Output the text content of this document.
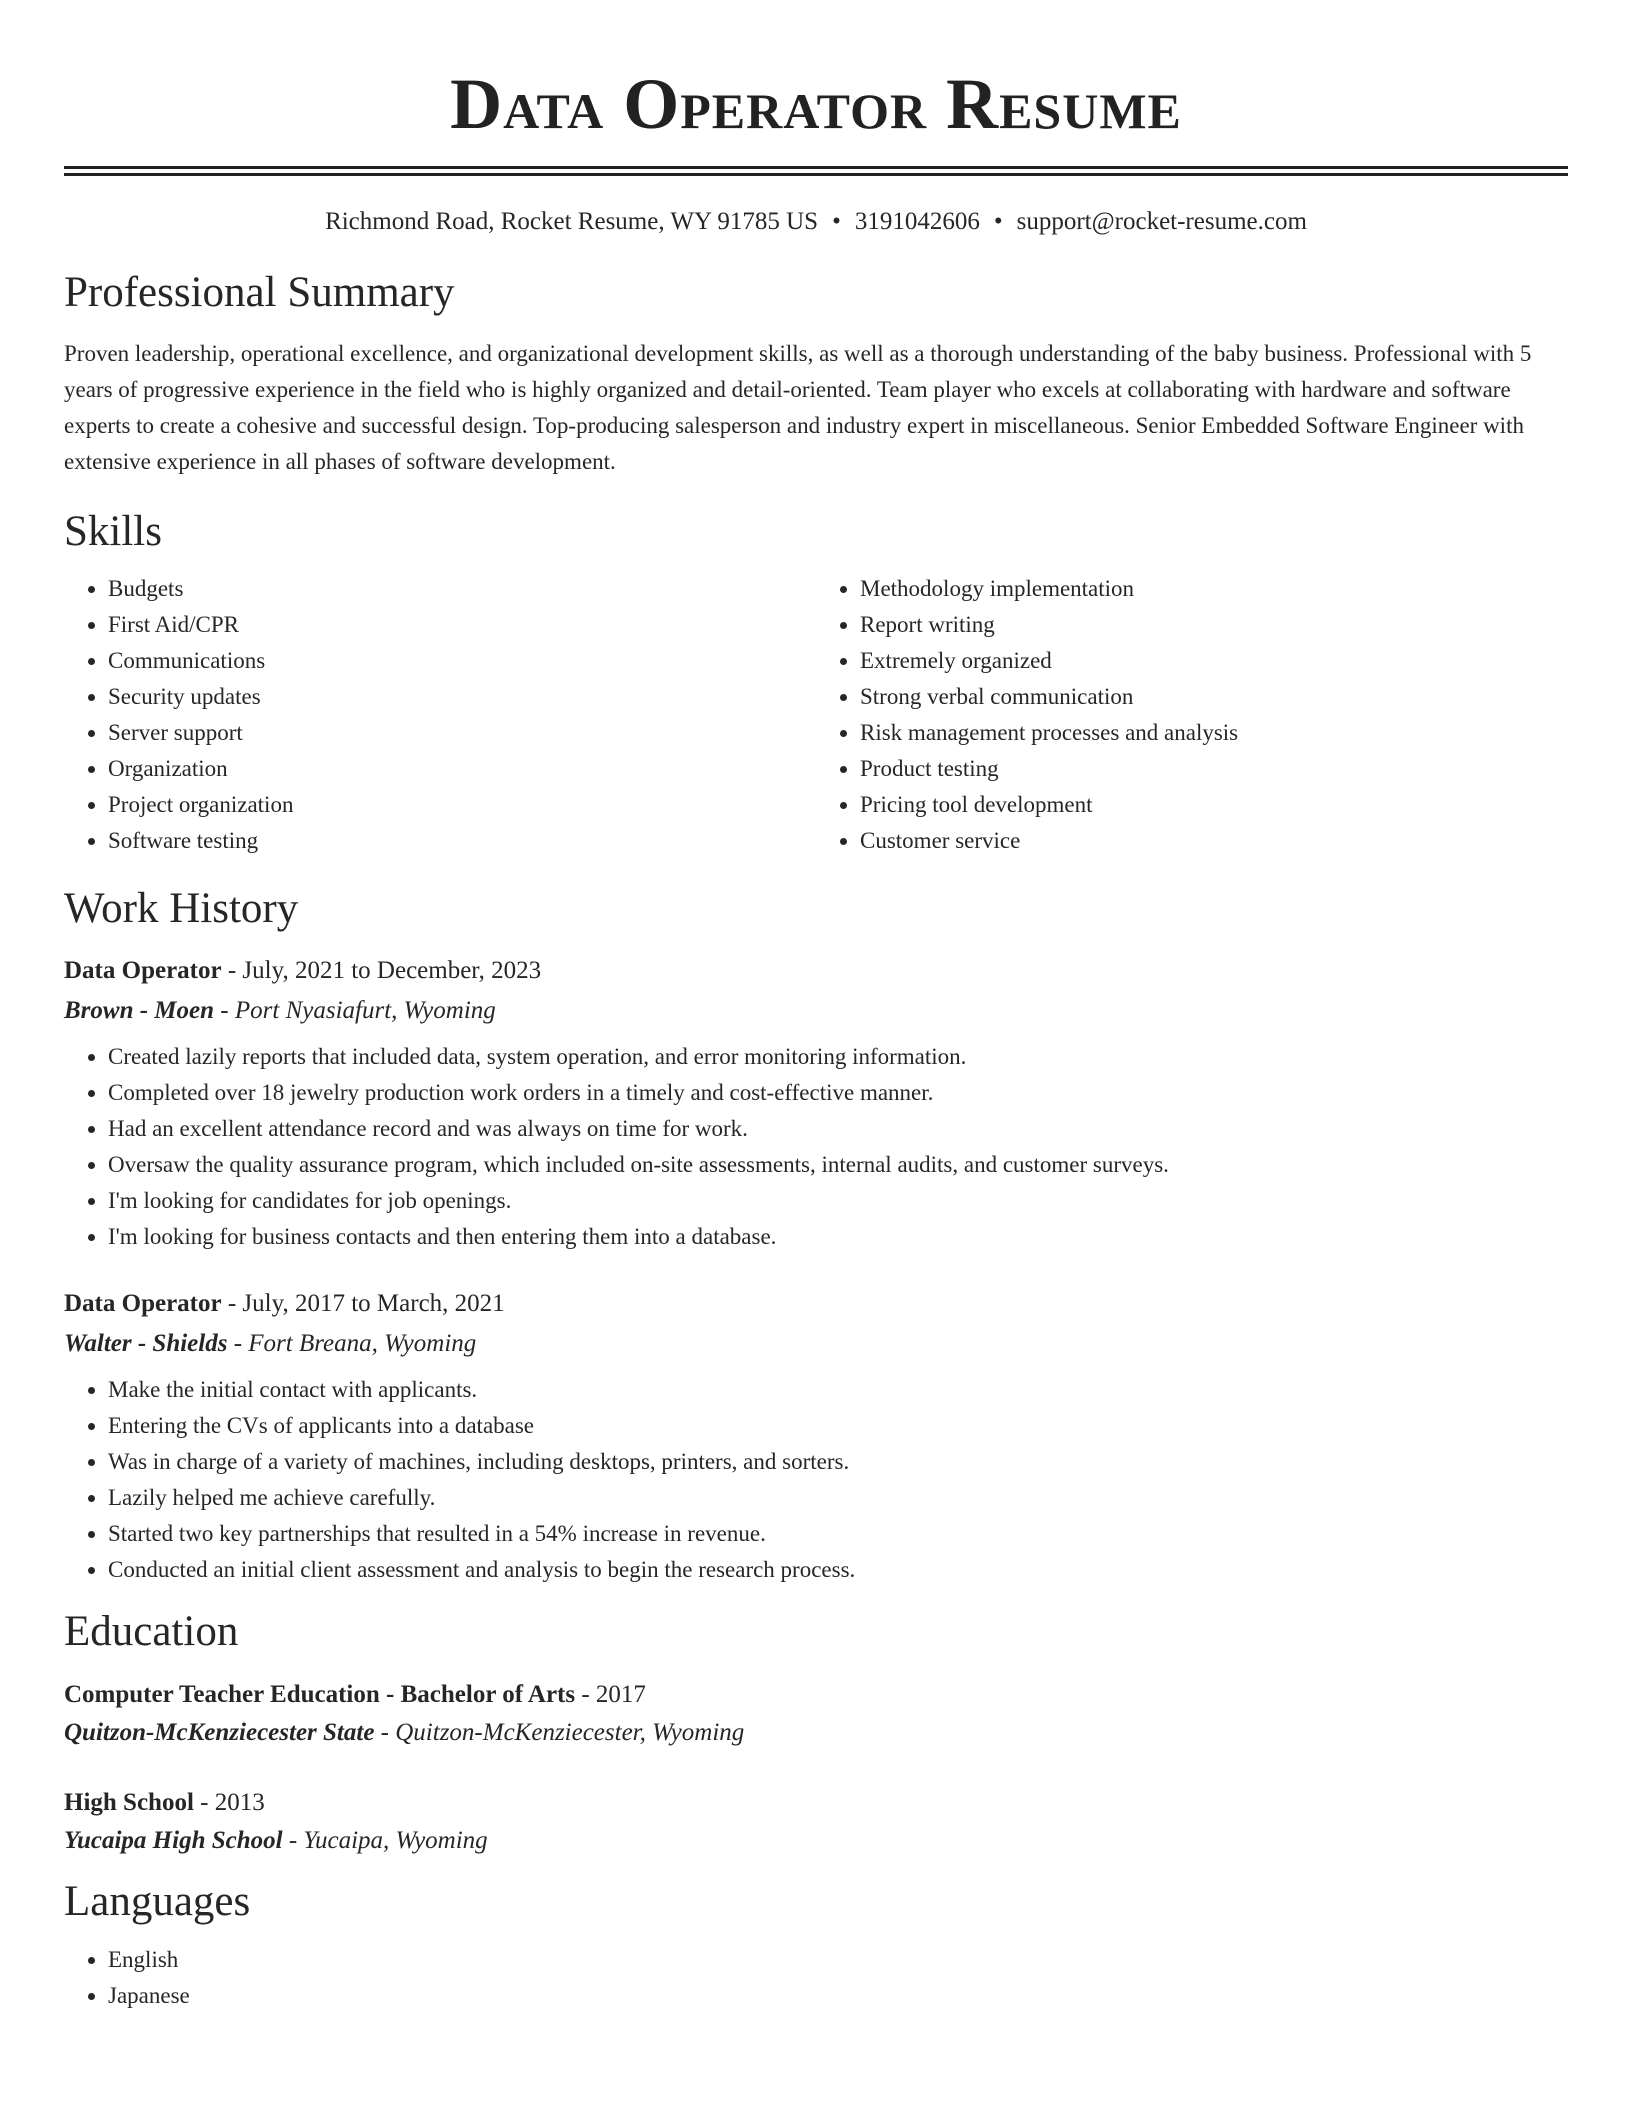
Data Operator Resume
Richmond Road, Rocket Resume, WY 91785 US • 3191042606 • support@rocket-resume.com
Professional Summary

Proven leadership, operational excellence, and organizational development skills, as well as a thorough understanding of the baby business. Professional with 5 years of progressive experience in the field who is highly organized and detail-oriented. Team player who excels at collaborating with hardware and software experts to create a cohesive and successful design. Top-producing salesperson and industry expert in miscellaneous. Senior Embedded Software Engineer with extensive experience in all phases of software development.

Skills
• Budgets
• First Aid/CPR
• Communications
• Security updates
• Server support
• Organization
• Project organization
• Software testing
• Methodology implementation
• Report writing
• Extremely organized
• Strong verbal communication
• Risk management processes and analysis
• Product testing
• Pricing tool development
• Customer service
Work History
Data Operator - July, 2021 to December, 2023
Brown - Moen - Port Nyasiafurt, Wyoming
• Created lazily reports that included data, system operation, and error monitoring information.
• Completed over 18 jewelry production work orders in a timely and cost-effective manner.
• Had an excellent attendance record and was always on time for work.
• Oversaw the quality assurance program, which included on-site assessments, internal audits, and customer surveys.
• I'm looking for candidates for job openings.
• I'm looking for business contacts and then entering them into a database.
Data Operator - July, 2017 to March, 2021
Walter - Shields - Fort Breana, Wyoming
• Make the initial contact with applicants.
• Entering the CVs of applicants into a database
• Was in charge of a variety of machines, including desktops, printers, and sorters.
• Lazily helped me achieve carefully.
• Started two key partnerships that resulted in a 54% increase in revenue.
• Conducted an initial client assessment and analysis to begin the research process.
Education
Computer Teacher Education - Bachelor of Arts - 2017
Quitzon-McKenziecester State - Quitzon-McKenziecester, Wyoming
High School - 2013
Yucaipa High School - Yucaipa, Wyoming
Languages
• English
• Japanese
